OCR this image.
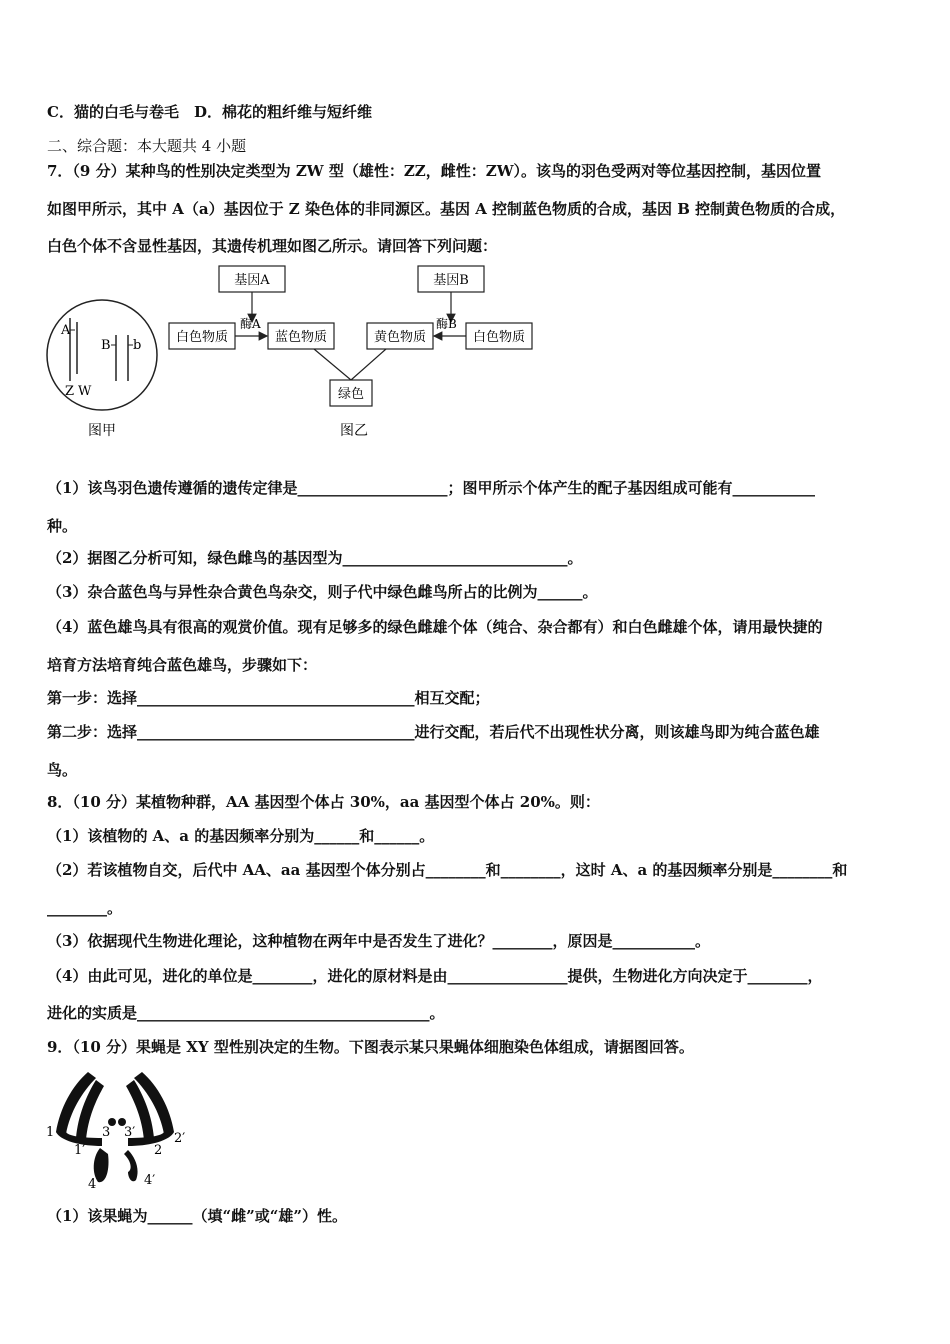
C．猫的白毛与卷毛　D．棉花的粗纤维与短纤维
二、综合题：本大题共 4 小题
7．（9 分）某种鸟的性别决定类型为 ZW 型（雄性：ZZ，雌性：ZW）。该鸟的羽色受两对等位基因控制，基因位置
如图甲所示，其中 A（a）基因位于 Z 染色体的非同源区。基因 A 控制蓝色物质的合成，基因 B 控制黄色物质的合成，
白色个体不含显性基因，其遗传机理如图乙所示。请回答下列问题：
A
B b
Z W
图甲
基因A
酶A
白色物质	蓝色物质	黄色物质
基因B
酶B
白色物质
绿色
图乙
（1）该鸟羽色遗传遵循的遗传定律是____________________；图甲所示个体产生的配子基因组成可能有___________
种。
（2）据图乙分析可知，绿色雌鸟的基因型为______________________________。
（3）杂合蓝色鸟与异性杂合黄色鸟杂交，则子代中绿色雌鸟所占的比例为______。
（4）蓝色雄鸟具有很高的观赏价值。现有足够多的绿色雌雄个体（纯合、杂合都有）和白色雌雄个体，请用最快捷的
培育方法培育纯合蓝色雄鸟，步骤如下：
第一步：选择_____________________________________相互交配；
第二步：选择_____________________________________进行交配，若后代不出现性状分离，则该雄鸟即为纯合蓝色雄
鸟。
8．（10 分）某植物种群，AA 基因型个体占 30%，aa 基因型个体占 20%。则：
（1）该植物的 A、a 的基因频率分别为______和______。
（2）若该植物自交，后代中 AA、aa 基因型个体分别占________和________，这时 A、a 的基因频率分别是________和
________。
（3）依据现代生物进化理论，这种植物在两年中是否发生了进化？________，原因是___________。
（4）由此可见，进化的单位是________，进化的原材料是由________________提供，生物进化方向决定于________，
进化的实质是_______________________________________。
9．（10 分）果蝇是 XY 型性别决定的生物。下图表示某只果蝇体细胞染色体组成，请据图回答。
1
1′
3 3′
2
2′
4	4′
（1）该果蝇为______（填“雌”或“雄”）性。
